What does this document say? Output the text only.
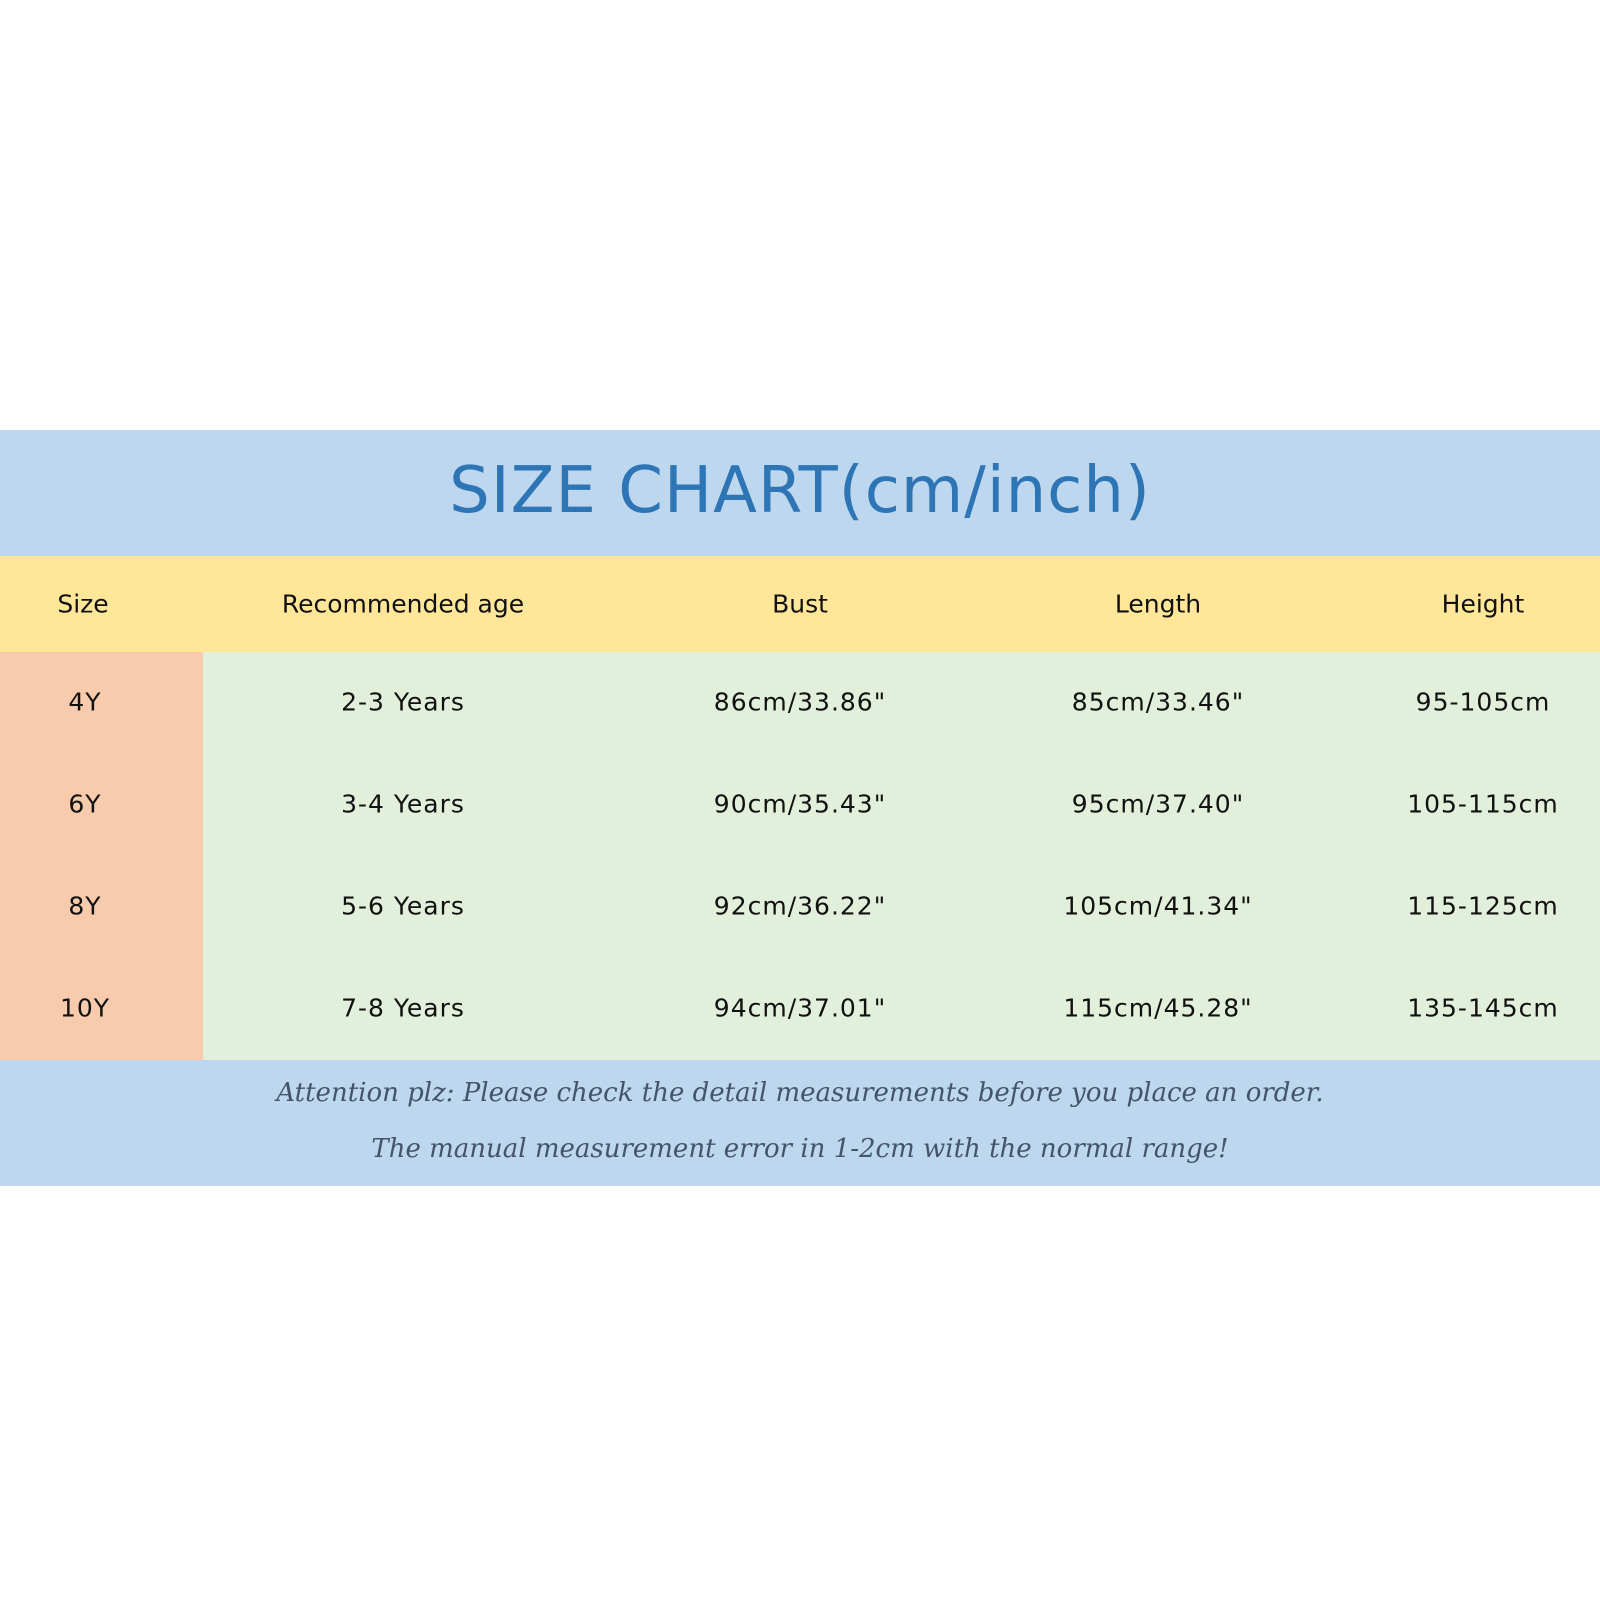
SIZE CHART(cm/inch)
Size	Recommended age	Bust	Length	Height
4Y	2-3 Years	86cm/33.86"	85cm/33.46"	95-105cm
6Y	3-4 Years	90cm/35.43"	95cm/37.40"	105-115cm
8Y	5-6 Years	92cm/36.22"	105cm/41.34"	115-125cm
10Y	7-8 Years	94cm/37.01"	115cm/45.28"	135-145cm
Attention plz: Please check the detail measurements before you place an order.
The manual measurement error in 1-2cm with the normal range!
